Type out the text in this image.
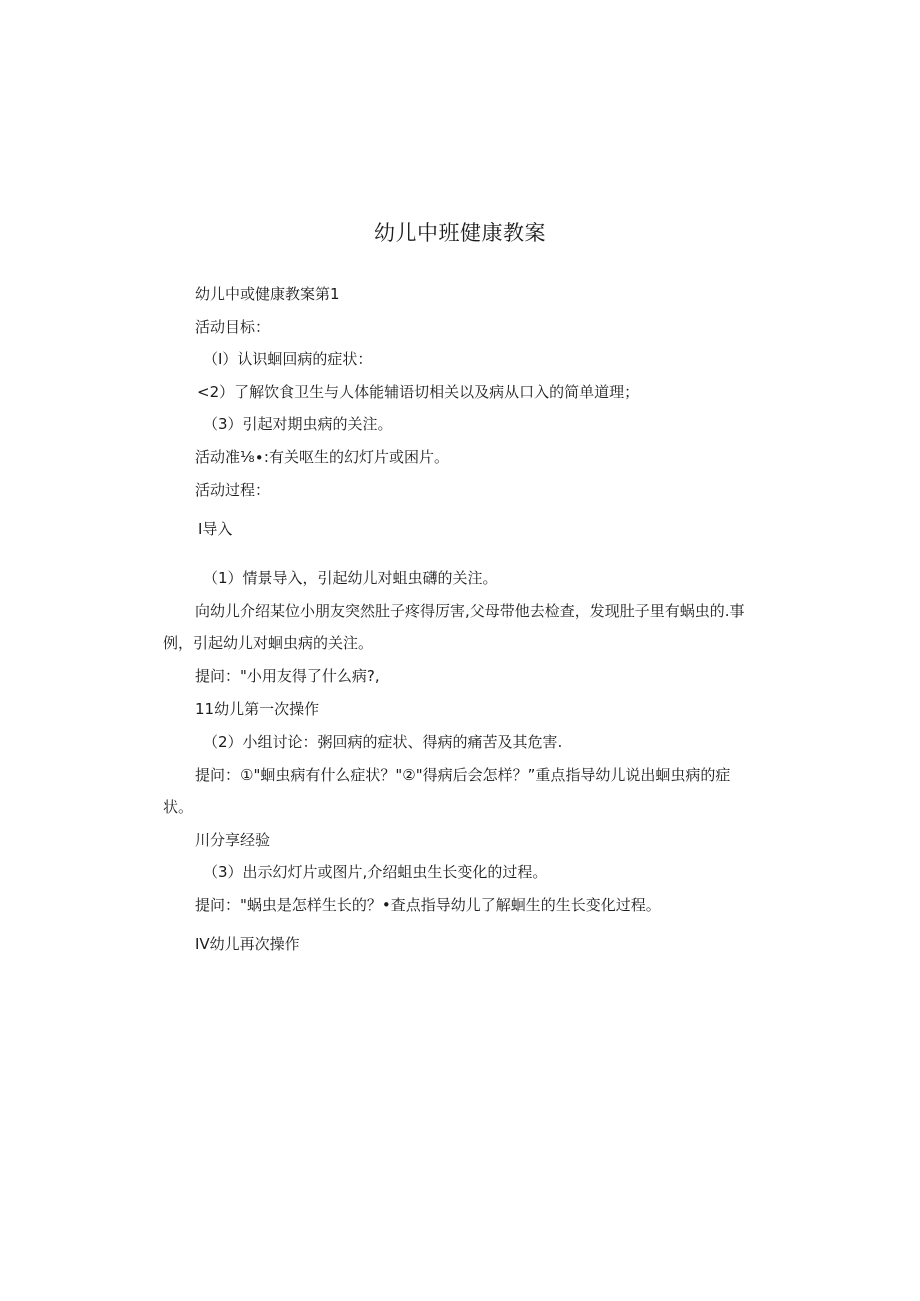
幼儿中班健康教案
幼儿中或健康教案第1
活动目标：
（I）认识蛔回病的症状：
<2）了解饮食卫生与人体能辅语切相关以及病从口入的简单道理；
（3）引起对期虫病的关注。
活动准⅛∙:有关呕生的幻灯片或困片。
活动过程：
I导入
（1）情景导入，引起幼儿对蛆虫礴的关注。
向幼儿介绍某位小朋友突然肚子疼得厉害,父母带他去检查，发现肚子里有蜗虫的.事
例，引起幼儿对蛔虫病的关注。
提问："小用友得了什么病?,
11幼儿第一次操作
（2）小组讨论：粥回病的症状、得病的痛苦及其危害.
提问：①"蛔虫病有什么症状？"②"得病后会怎样？”重点指导幼儿说出蛔虫病的症
状。
川分享经验
（3）出示幻灯片或图片,介绍蛆虫生长变化的过程。
提问："蜗虫是怎样生长的？•査点指导幼儿了解蛔生的生长变化过程。
IV幼儿再次操作
